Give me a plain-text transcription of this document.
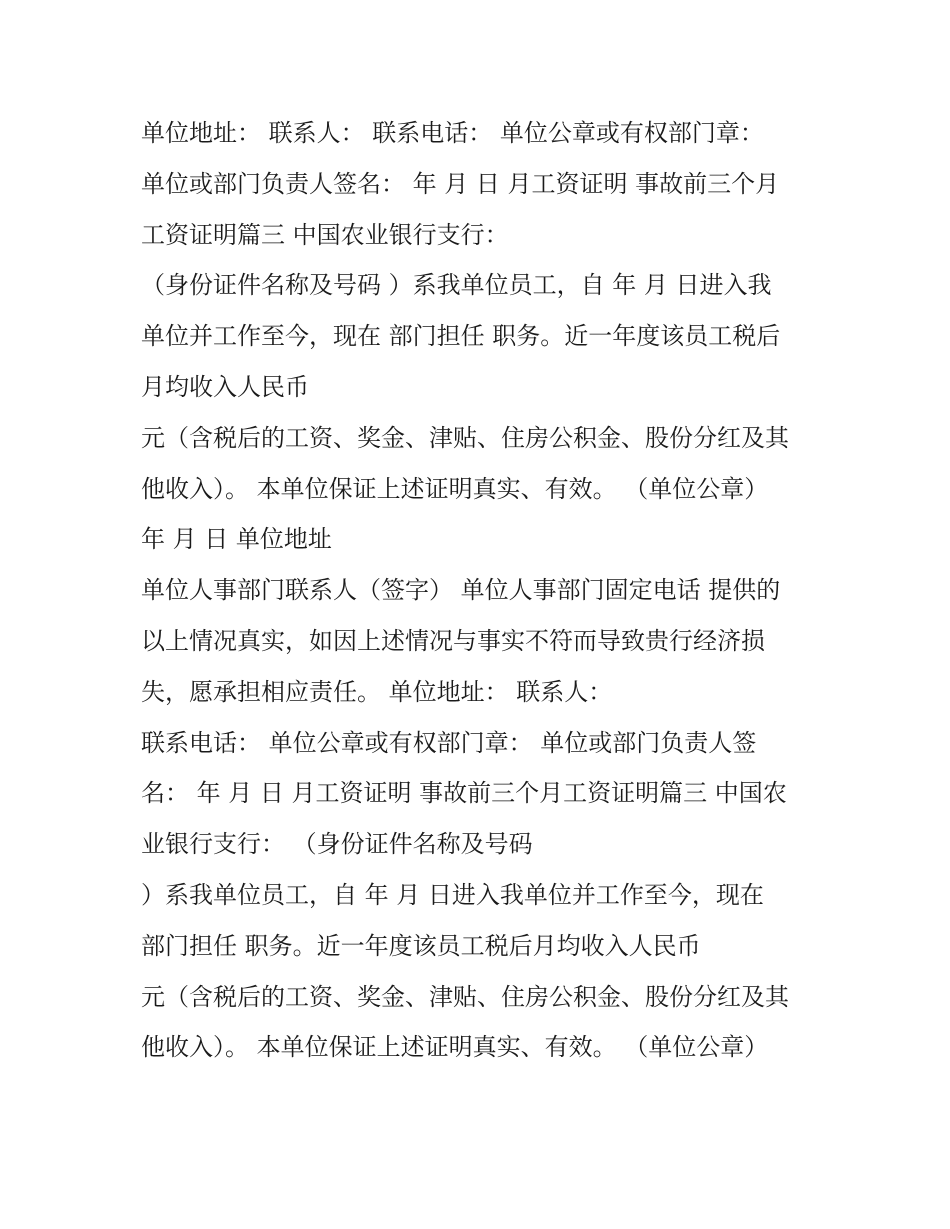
单位地址： 联系人： 联系电话： 单位公章或有权部门章：
单位或部门负责人签名： 年 月 日 月工资证明 事故前三个月
工资证明篇三 中国农业银行支行：
（身份证件名称及号码 ）系我单位员工，自 年 月 日进入我
单位并工作至今，现在 部门担任 职务。近一年度该员工税后
月均收入人民币
元（含税后的工资、奖金、津贴、住房公积金、股份分红及其
他收入）。 本单位保证上述证明真实、有效。 （单位公章）
年 月 日 单位地址
单位人事部门联系人（签字） 单位人事部门固定电话 提供的
以上情况真实，如因上述情况与事实不符而导致贵行经济损
失，愿承担相应责任。 单位地址： 联系人：
联系电话： 单位公章或有权部门章： 单位或部门负责人签
名： 年 月 日 月工资证明 事故前三个月工资证明篇三 中国农
业银行支行： （身份证件名称及号码
）系我单位员工，自 年 月 日进入我单位并工作至今，现在
部门担任 职务。近一年度该员工税后月均收入人民币
元（含税后的工资、奖金、津贴、住房公积金、股份分红及其
他收入）。 本单位保证上述证明真实、有效。 （单位公章）
